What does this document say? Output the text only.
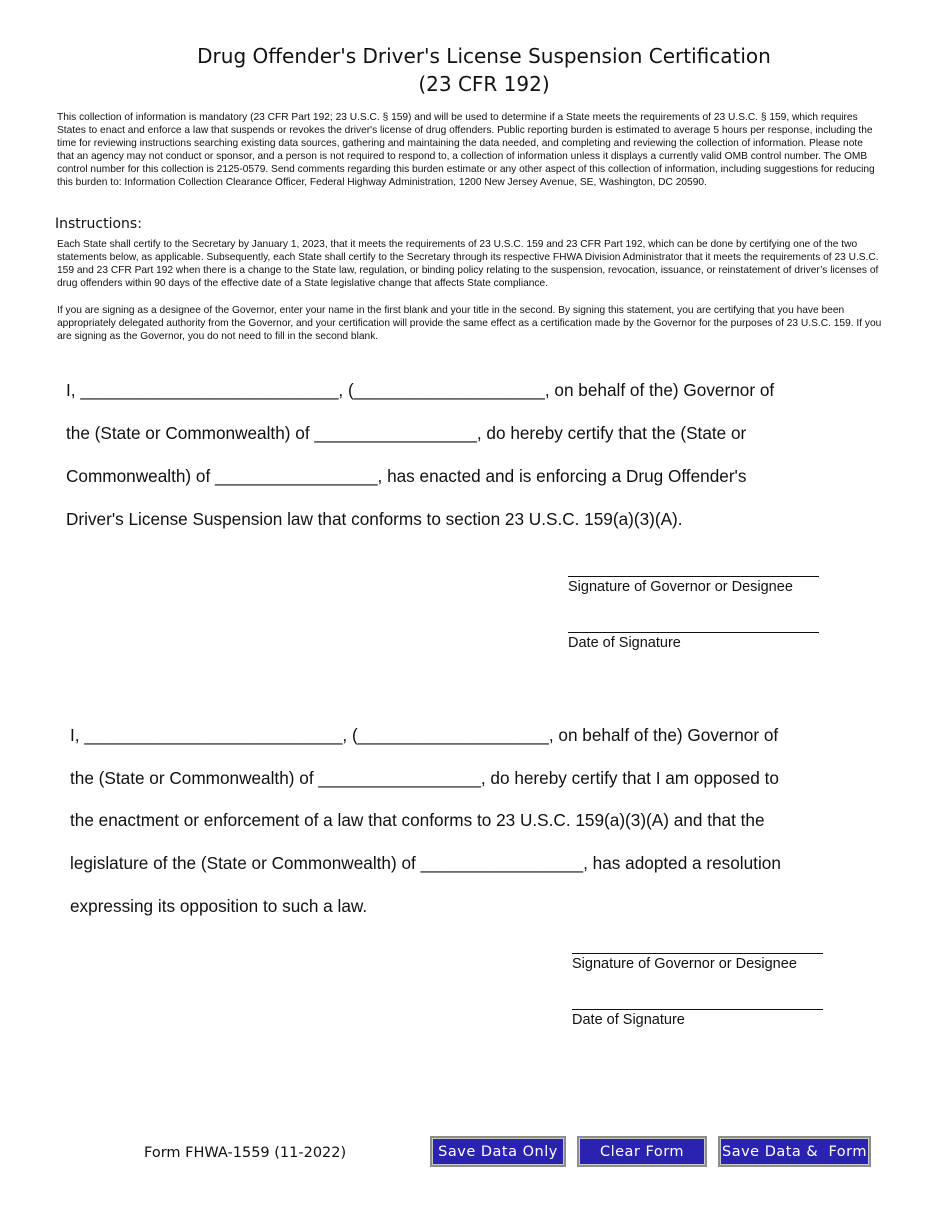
Drug Offender's Driver's License Suspension Certification
(23 CFR 192)
This collection of information is mandatory (23 CFR Part 192; 23 U.S.C. § 159) and will be used to determine if a State meets the requirements of 23 U.S.C. § 159, which requires States to enact and enforce a law that suspends or revokes the driver's license of drug offenders. Public reporting burden is estimated to average 5 hours per response, including the time for reviewing instructions searching existing data sources, gathering and maintaining the data needed, and completing and reviewing the collection of information. Please note that an agency may not conduct or sponsor, and a person is not required to respond to, a collection of information unless it displays a currently valid OMB control number. The OMB control number for this collection is 2125-0579. Send comments regarding this burden estimate or any other aspect of this collection of information, including suggestions for reducing this burden to: Information Collection Clearance Officer, Federal Highway Administration, 1200 New Jersey Avenue, SE, Washington, DC 20590.
Instructions:
Each State shall certify to the Secretary by January 1, 2023, that it meets the requirements of 23 U.S.C. 159 and 23 CFR Part 192, which can be done by certifying one of the two statements below, as applicable. Subsequently, each State shall certify to the Secretary through its respective FHWA Division Administrator that it meets the requirements of 23 U.S.C. 159 and 23 CFR Part 192 when there is a change to the State law, regulation, or binding policy relating to the suspension, revocation, issuance, or reinstatement of driver’s licenses of drug offenders within 90 days of the effective date of a State legislative change that affects State compliance.
If you are signing as a designee of the Governor, enter your name in the first blank and your title in the second. By signing this statement, you are certifying that you have been appropriately delegated authority from the Governor, and your certification will provide the same effect as a certification made by the Governor for the purposes of 23 U.S.C. 159. If you are signing as the Governor, you do not need to fill in the second blank.
I, ___________________________, (____________________, on behalf of the) Governor of
the (State or Commonwealth) of _________________, do hereby certify that the (State or
Commonwealth) of _________________, has enacted and is enforcing a Drug Offender's
Driver's License Suspension law that conforms to section 23 U.S.C. 159(a)(3)(A).
Signature of Governor or Designee
Date of Signature
I, ___________________________, (____________________, on behalf of the) Governor of
the (State or Commonwealth) of _________________, do hereby certify that I am opposed to
the enactment or enforcement of a law that conforms to 23 U.S.C. 159(a)(3)(A) and that the
legislature of the (State or Commonwealth) of _________________, has adopted a resolution
expressing its opposition to such a law.
Signature of Governor or Designee
Date of Signature
Form FHWA-1559 (11-2022)	Save Data Only	Clear Form	Save Data &  Form
